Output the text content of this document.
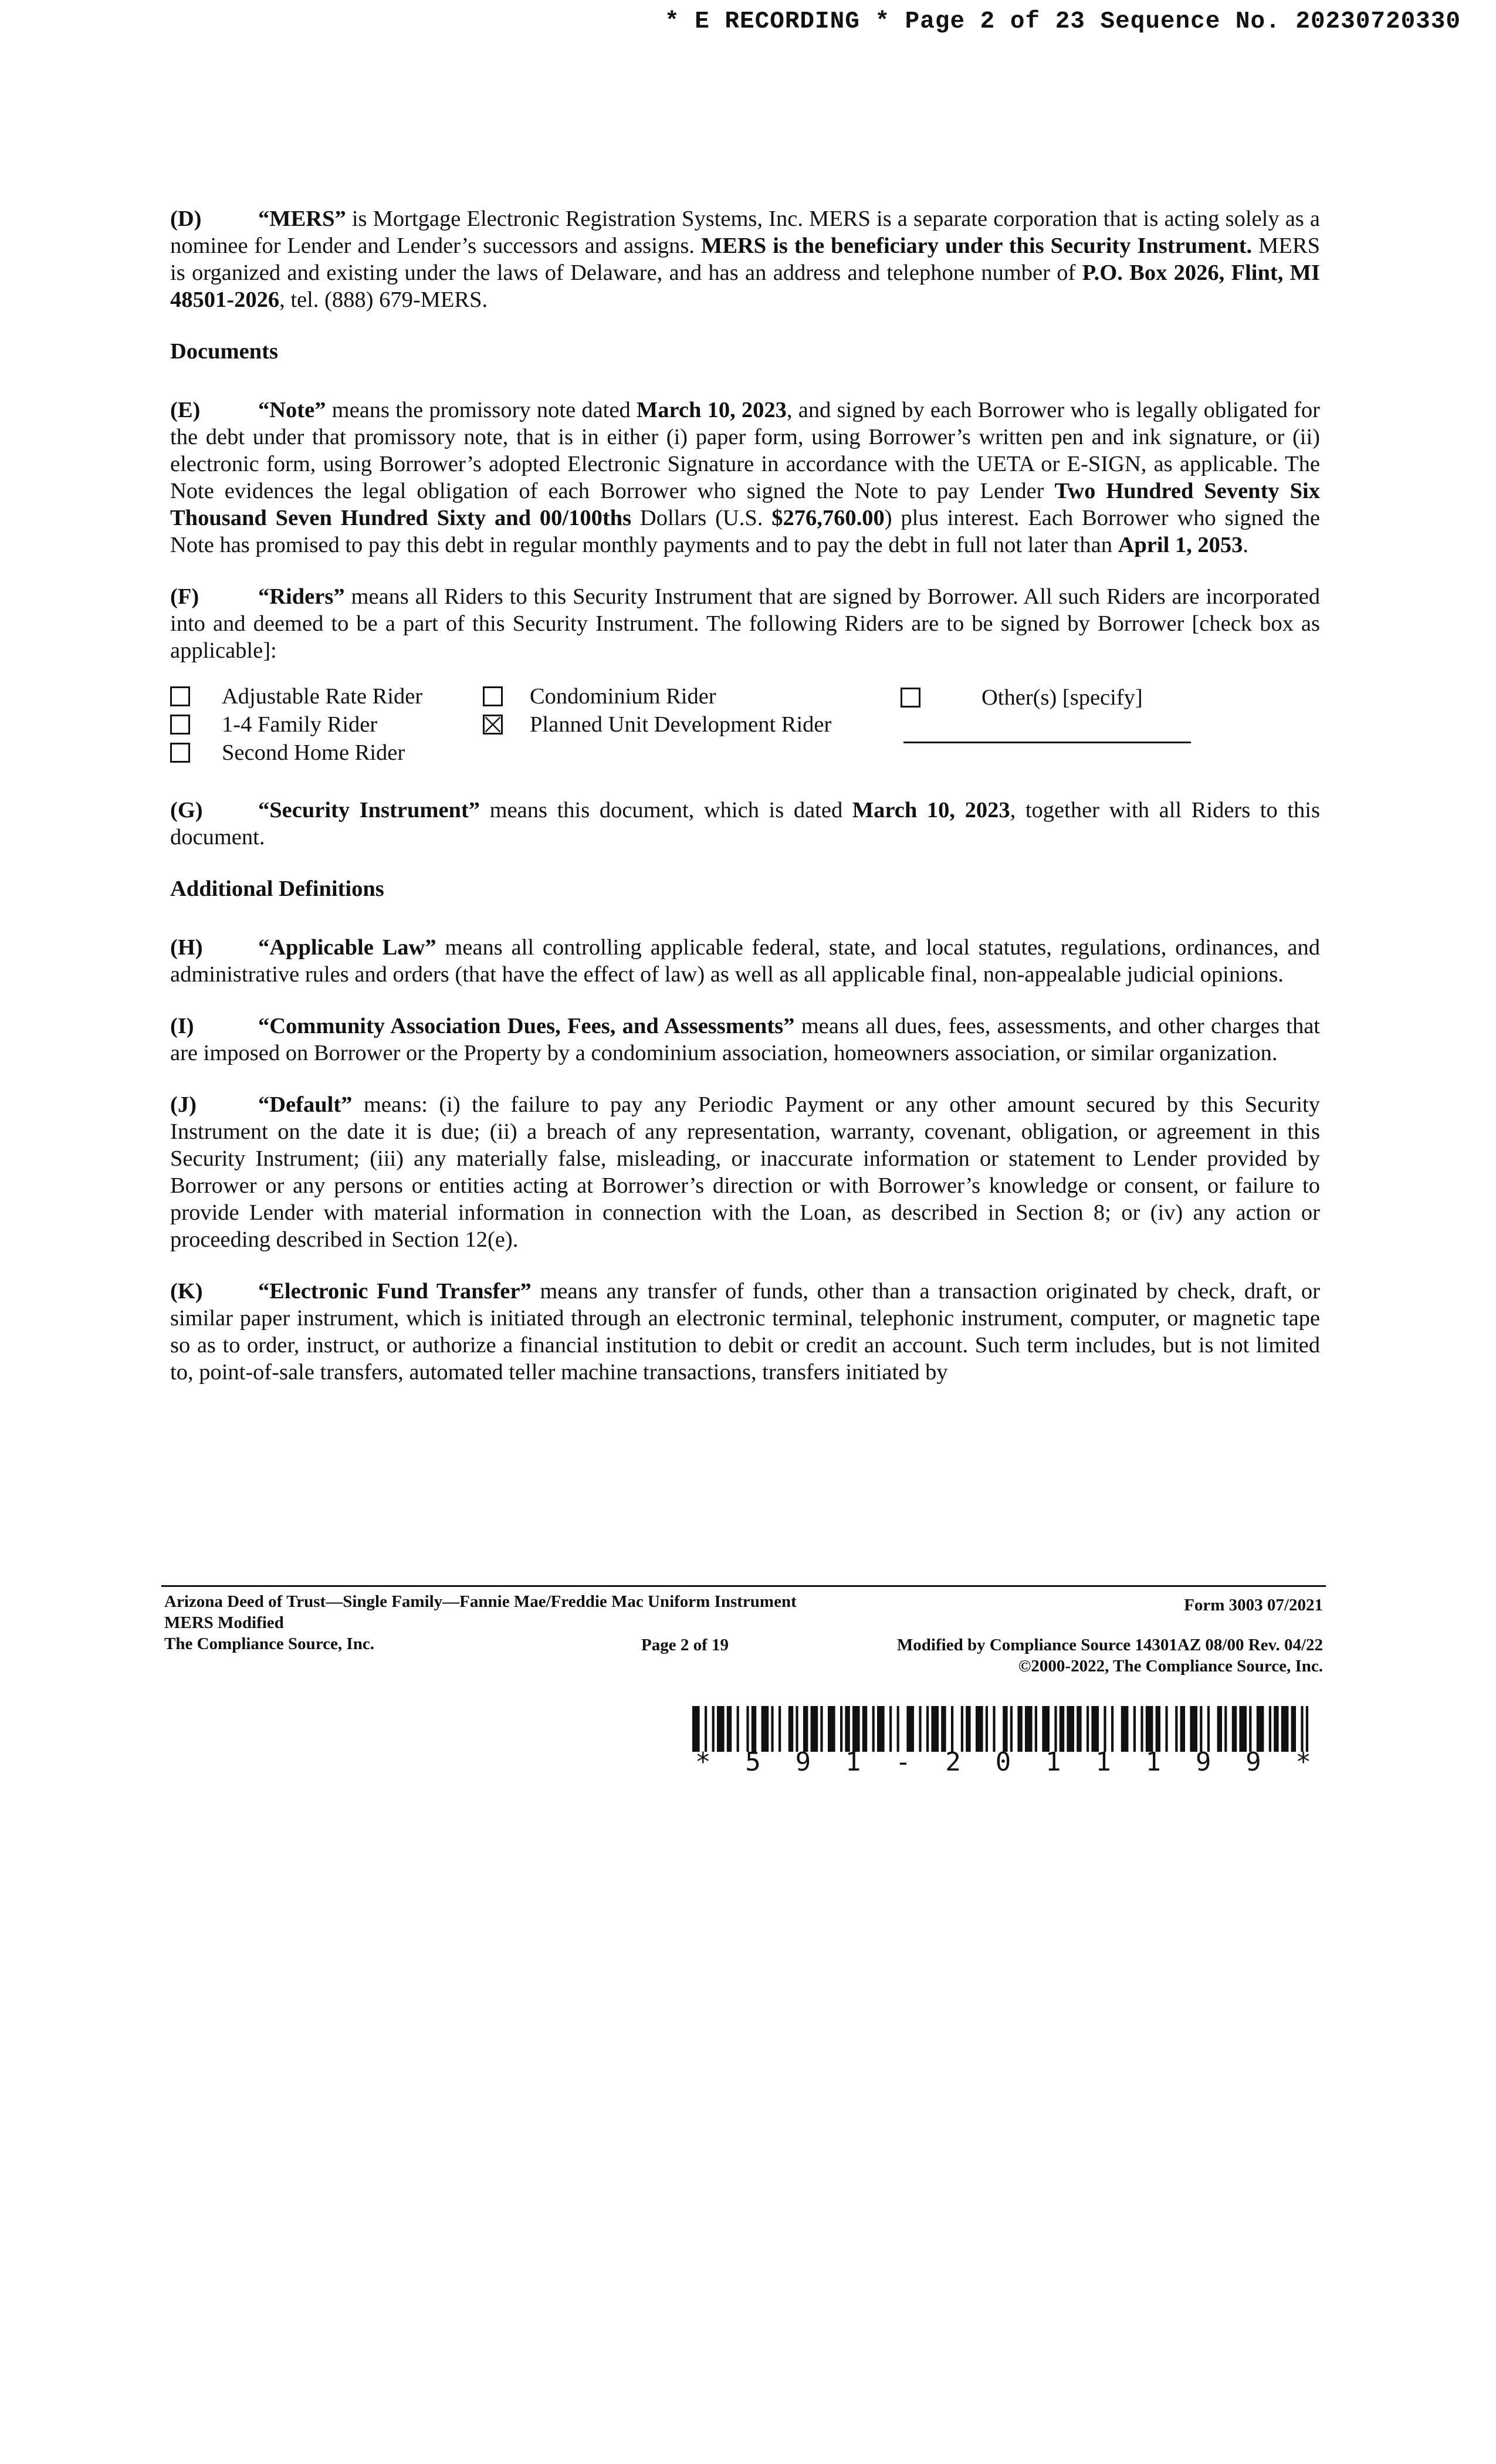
* E RECORDING * Page 2 of 23 Sequence No. 20230720330

(D)	“MERS” is Mortgage Electronic Registration Systems, Inc. MERS is a separate corporation that is acting solely as a nominee for Lender and Lender’s successors and assigns. MERS is the beneficiary under this Security Instrument. MERS is organized and existing under the laws of Delaware, and has an address and telephone number of P.O. Box 2026, Flint, MI 48501-2026, tel. (888) 679-MERS.

Documents

(E)	“Note” means the promissory note dated March 10, 2023, and signed by each Borrower who is legally obligated for the debt under that promissory note, that is in either (i) paper form, using Borrower’s written pen and ink signature, or (ii) electronic form, using Borrower’s adopted Electronic Signature in accordance with the UETA or E-SIGN, as applicable. The Note evidences the legal obligation of each Borrower who signed the Note to pay Lender Two Hundred Seventy Six Thousand Seven Hundred Sixty and 00/100ths Dollars (U.S. $276,760.00) plus interest. Each Borrower who signed the Note has promised to pay this debt in regular monthly payments and to pay the debt in full not later than April 1, 2053.

(F)	“Riders” means all Riders to this Security Instrument that are signed by Borrower. All such Riders are incorporated into and deemed to be a part of this Security Instrument. The following Riders are to be signed by Borrower [check box as applicable]:

Adjustable Rate Rider
1-4 Family Rider
Second Home Rider
Condominium Rider
Planned Unit Development Rider
Other(s) [specify]

(G) “Security Instrument” means this document, which is dated March 10, 2023, together with all Riders to this document.

Additional Definitions

(H) “Applicable Law” means all controlling applicable federal, state, and local statutes, regulations, ordinances, and administrative rules and orders (that have the effect of law) as well as all applicable final, non-appealable judicial opinions.

(I)	“Community Association Dues, Fees, and Assessments” means all dues, fees, assessments, and other charges that are imposed on Borrower or the Property by a condominium association, homeowners association, or similar organization.

(J)	“Default” means: (i) the failure to pay any Periodic Payment or any other amount secured by this Security Instrument on the date it is due; (ii) a breach of any representation, warranty, covenant, obligation, or agreement in this Security Instrument; (iii) any materially false, misleading, or inaccurate information or statement to Lender provided by Borrower or any persons or entities acting at Borrower’s direction or with Borrower’s knowledge or consent, or failure to provide Lender with material information in connection with the Loan, as described in Section 8; or (iv) any action or proceeding described in Section 12(e).

(K) “Electronic Fund Transfer” means any transfer of funds, other than a transaction originated by check, draft, or similar paper instrument, which is initiated through an electronic terminal, telephonic instrument, computer, or magnetic tape so as to order, instruct, or authorize a financial institution to debit or credit an account. Such term includes, but is not limited to, point-of-sale transfers, automated teller machine transactions, transfers initiated by

Arizona Deed of Trust—Single Family—Fannie Mae/Freddie Mac Uniform Instrument
MERS Modified
The Compliance Source, Inc.	Page 2 of 19
Form 3003 07/2021
Modified by Compliance Source 14301AZ 08/00 Rev. 04/22
©2000-2022, The Compliance Source, Inc.
* 5 9 1 - 2 0 1 1 1 9 9 *
